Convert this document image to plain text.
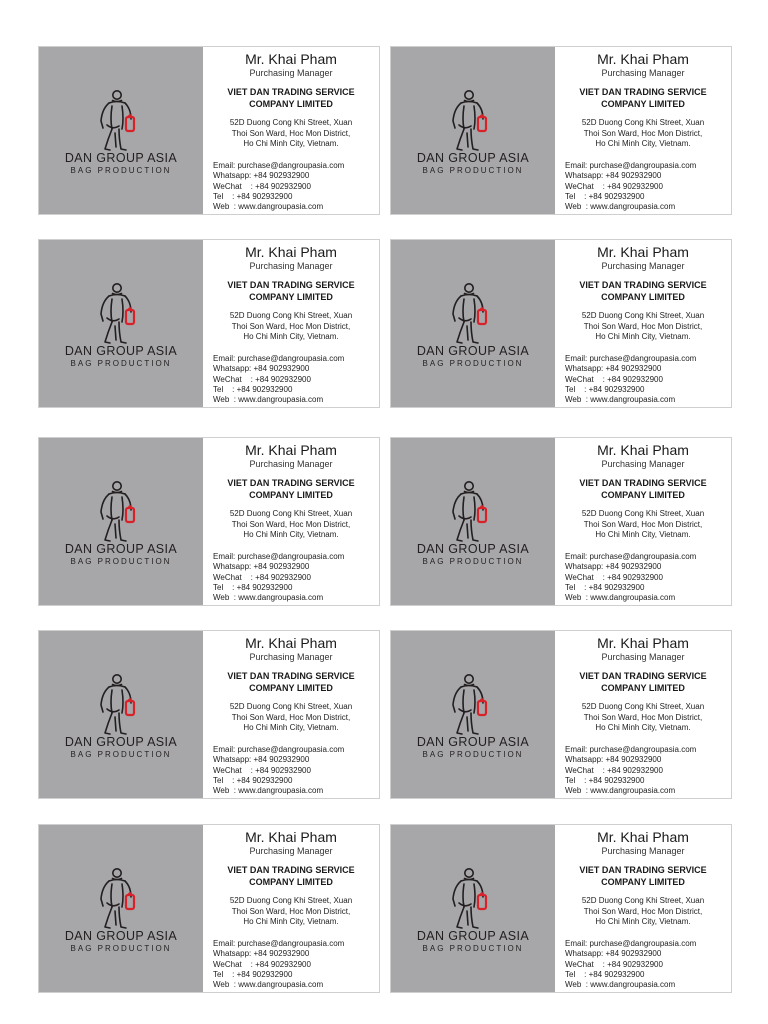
DAN GROUP ASIA
BAG PRODUCTION
Mr. Khai Pham
Purchasing Manager
VIET DAN TRADING SERVICE
COMPANY LIMITED
52D Duong Cong Khi Street, Xuan
Thoi Son Ward, Hoc Mon District,
Ho Chi Minh City, Vietnam.
Email: purchase@dangroupasia.com
Whatsapp: +84 902932900
WeChat    : +84 902932900
Tel    : +84 902932900
Web  : www.dangroupasia.com
DAN GROUP ASIA
BAG PRODUCTION
Mr. Khai Pham
Purchasing Manager
VIET DAN TRADING SERVICE
COMPANY LIMITED
52D Duong Cong Khi Street, Xuan
Thoi Son Ward, Hoc Mon District,
Ho Chi Minh City, Vietnam.
Email: purchase@dangroupasia.com
Whatsapp: +84 902932900
WeChat    : +84 902932900
Tel    : +84 902932900
Web  : www.dangroupasia.com
DAN GROUP ASIA
BAG PRODUCTION
Mr. Khai Pham
Purchasing Manager
VIET DAN TRADING SERVICE
COMPANY LIMITED
52D Duong Cong Khi Street, Xuan
Thoi Son Ward, Hoc Mon District,
Ho Chi Minh City, Vietnam.
Email: purchase@dangroupasia.com
Whatsapp: +84 902932900
WeChat    : +84 902932900
Tel    : +84 902932900
Web  : www.dangroupasia.com
DAN GROUP ASIA
BAG PRODUCTION
Mr. Khai Pham
Purchasing Manager
VIET DAN TRADING SERVICE
COMPANY LIMITED
52D Duong Cong Khi Street, Xuan
Thoi Son Ward, Hoc Mon District,
Ho Chi Minh City, Vietnam.
Email: purchase@dangroupasia.com
Whatsapp: +84 902932900
WeChat    : +84 902932900
Tel    : +84 902932900
Web  : www.dangroupasia.com
DAN GROUP ASIA
BAG PRODUCTION
Mr. Khai Pham
Purchasing Manager
VIET DAN TRADING SERVICE
COMPANY LIMITED
52D Duong Cong Khi Street, Xuan
Thoi Son Ward, Hoc Mon District,
Ho Chi Minh City, Vietnam.
Email: purchase@dangroupasia.com
Whatsapp: +84 902932900
WeChat    : +84 902932900
Tel    : +84 902932900
Web  : www.dangroupasia.com
DAN GROUP ASIA
BAG PRODUCTION
Mr. Khai Pham
Purchasing Manager
VIET DAN TRADING SERVICE
COMPANY LIMITED
52D Duong Cong Khi Street, Xuan
Thoi Son Ward, Hoc Mon District,
Ho Chi Minh City, Vietnam.
Email: purchase@dangroupasia.com
Whatsapp: +84 902932900
WeChat    : +84 902932900
Tel    : +84 902932900
Web  : www.dangroupasia.com
DAN GROUP ASIA
BAG PRODUCTION
Mr. Khai Pham
Purchasing Manager
VIET DAN TRADING SERVICE
COMPANY LIMITED
52D Duong Cong Khi Street, Xuan
Thoi Son Ward, Hoc Mon District,
Ho Chi Minh City, Vietnam.
Email: purchase@dangroupasia.com
Whatsapp: +84 902932900
WeChat    : +84 902932900
Tel    : +84 902932900
Web  : www.dangroupasia.com
DAN GROUP ASIA
BAG PRODUCTION
Mr. Khai Pham
Purchasing Manager
VIET DAN TRADING SERVICE
COMPANY LIMITED
52D Duong Cong Khi Street, Xuan
Thoi Son Ward, Hoc Mon District,
Ho Chi Minh City, Vietnam.
Email: purchase@dangroupasia.com
Whatsapp: +84 902932900
WeChat    : +84 902932900
Tel    : +84 902932900
Web  : www.dangroupasia.com
DAN GROUP ASIA
BAG PRODUCTION
Mr. Khai Pham
Purchasing Manager
VIET DAN TRADING SERVICE
COMPANY LIMITED
52D Duong Cong Khi Street, Xuan
Thoi Son Ward, Hoc Mon District,
Ho Chi Minh City, Vietnam.
Email: purchase@dangroupasia.com
Whatsapp: +84 902932900
WeChat    : +84 902932900
Tel    : +84 902932900
Web  : www.dangroupasia.com
DAN GROUP ASIA
BAG PRODUCTION
Mr. Khai Pham
Purchasing Manager
VIET DAN TRADING SERVICE
COMPANY LIMITED
52D Duong Cong Khi Street, Xuan
Thoi Son Ward, Hoc Mon District,
Ho Chi Minh City, Vietnam.
Email: purchase@dangroupasia.com
Whatsapp: +84 902932900
WeChat    : +84 902932900
Tel    : +84 902932900
Web  : www.dangroupasia.com
